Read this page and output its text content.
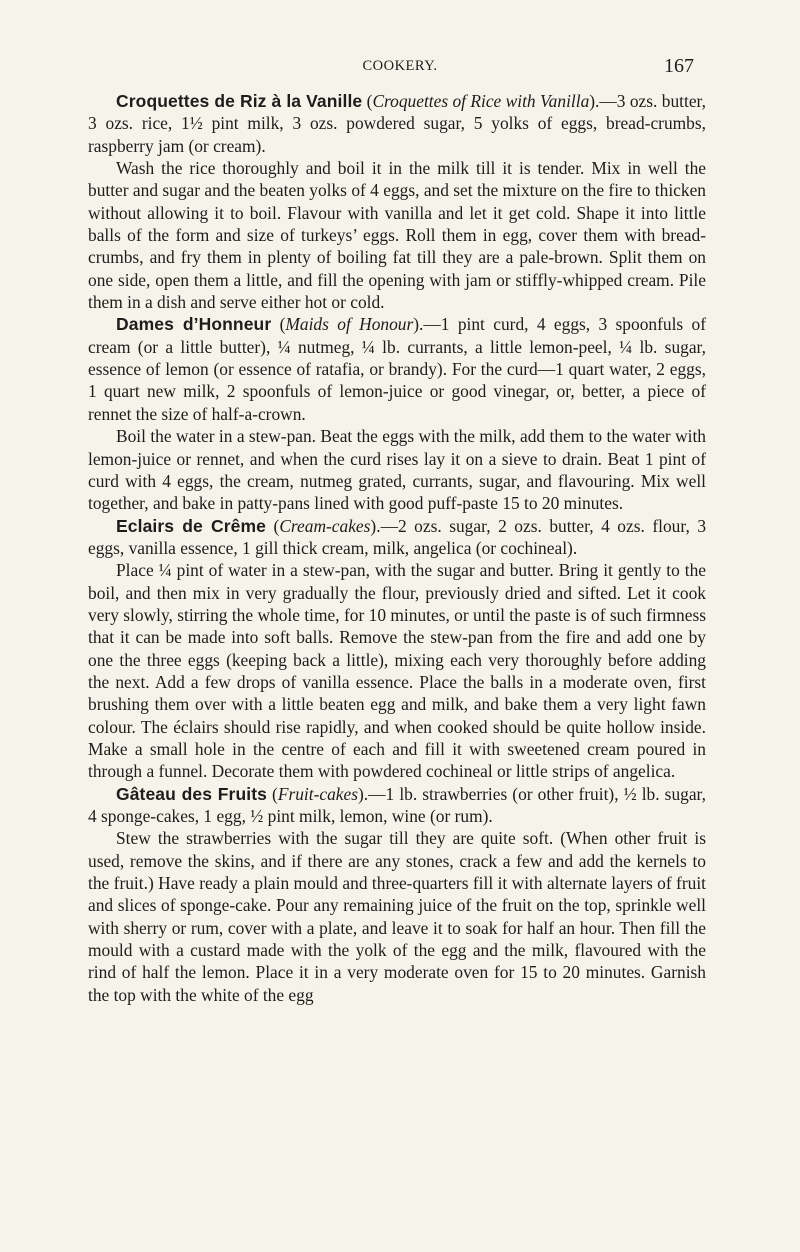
COOKERY.	167

Croquettes de Riz à la Vanille (Croquettes of Rice with Vanilla).—3 ozs. butter, 3 ozs. rice, 1½ pint milk, 3 ozs. powdered sugar, 5 yolks of eggs, bread-crumbs, raspberry jam (or cream).

Wash the rice thoroughly and boil it in the milk till it is tender. Mix in well the butter and sugar and the beaten yolks of 4 eggs, and set the mixture on the fire to thicken without allowing it to boil. Flavour with vanilla and let it get cold. Shape it into little balls of the form and size of turkeys’ eggs. Roll them in egg, cover them with bread-crumbs, and fry them in plenty of boiling fat till they are a pale-brown. Split them on one side, open them a little, and fill the opening with jam or stiffly-whipped cream. Pile them in a dish and serve either hot or cold.

Dames d’Honneur (Maids of Honour).—1 pint curd, 4 eggs, 3 spoonfuls of cream (or a little butter), ¼ nutmeg, ¼ lb. currants, a little lemon-peel, ¼ lb. sugar, essence of lemon (or essence of ratafia, or brandy). For the curd—1 quart water, 2 eggs, 1 quart new milk, 2 spoonfuls of lemon-juice or good vinegar, or, better, a piece of rennet the size of half-a-crown.

Boil the water in a stew-pan. Beat the eggs with the milk, add them to the water with lemon-juice or rennet, and when the curd rises lay it on a sieve to drain. Beat 1 pint of curd with 4 eggs, the cream, nutmeg grated, currants, sugar, and flavouring. Mix well together, and bake in patty-pans lined with good puff-paste 15 to 20 minutes.

Eclairs de Crême (Cream-cakes).—2 ozs. sugar, 2 ozs. butter, 4 ozs. flour, 3 eggs, vanilla essence, 1 gill thick cream, milk, angelica (or cochineal).

Place ¼ pint of water in a stew-pan, with the sugar and butter. Bring it gently to the boil, and then mix in very gradually the flour, previously dried and sifted. Let it cook very slowly, stirring the whole time, for 10 minutes, or until the paste is of such firmness that it can be made into soft balls. Remove the stew-pan from the fire and add one by one the three eggs (keeping back a little), mixing each very thoroughly before adding the next. Add a few drops of vanilla essence. Place the balls in a moderate oven, first brushing them over with a little beaten egg and milk, and bake them a very light fawn colour. The éclairs should rise rapidly, and when cooked should be quite hollow inside. Make a small hole in the centre of each and fill it with sweetened cream poured in through a funnel. Decorate them with powdered cochineal or little strips of angelica.

Gâteau des Fruits (Fruit-cakes).—1 lb. strawberries (or other fruit), ½ lb. sugar, 4 sponge-cakes, 1 egg, ½ pint milk, lemon, wine (or rum).

Stew the strawberries with the sugar till they are quite soft. (When other fruit is used, remove the skins, and if there are any stones, crack a few and add the kernels to the fruit.) Have ready a plain mould and three-quarters fill it with alternate layers of fruit and slices of sponge-cake. Pour any remaining juice of the fruit on the top, sprinkle well with sherry or rum, cover with a plate, and leave it to soak for half an hour. Then fill the mould with a custard made with the yolk of the egg and the milk, flavoured with the rind of half the lemon. Place it in a very moderate oven for 15 to 20 minutes. Garnish the top with the white of the egg
